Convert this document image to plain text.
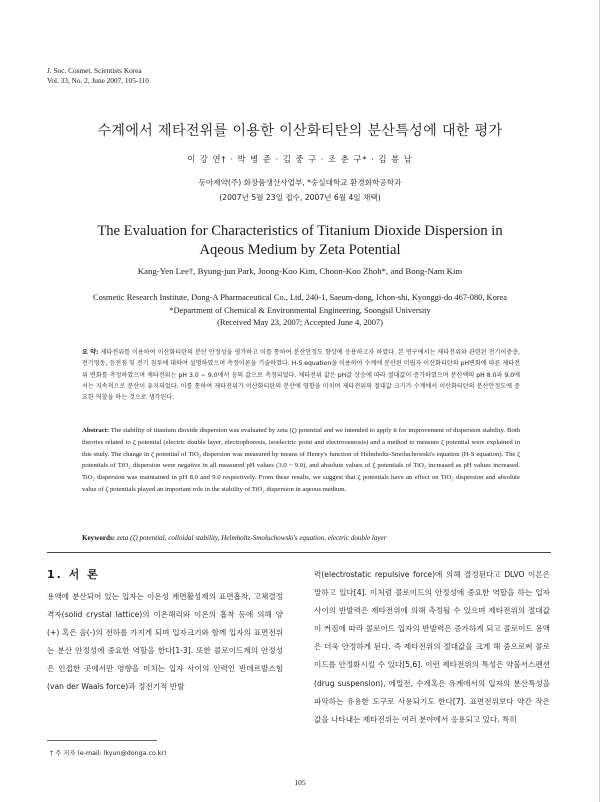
J. Soc. Cosmet. Scientists Korea
Vol. 33, No. 2, June 2007, 105-110
수계에서 제타전위를 이용한 이산화티탄의 분산특성에 대한 평가
이 강 연† · 박 병 준 · 김 중 구 · 조 춘 구* · 김 봉 남
동아제약(주) 화장품생산사업부, *숭실대학교 환경화학공학과
(2007년 5월 23일 접수, 2007년 6월 4일 채택)
The Evaluation for Characteristics of Titanium Dioxide Dispersion in
Aqeous Medium by Zeta Potential
Kang-Yen Lee†, Byung-jun Park, Joong-Koo Kim, Choon-Koo Zhoh*, and Bong-Nam Kim
Cosmetic Research Institute, Dong-A Pharmaceutical Co., Ltd, 240-1, Saeum-dong, Ichon-shi, Kyonggi-do 467-080, Korea
*Department of Chemical & Environmental Engineering, Soongsil University
(Received May 23, 2007; Accepted June 4, 2007)

요 약: 제타전위를 이용하여 이산화티탄의 분산 안정성을 평가하고 이를 통하여 분산안정도 향상에 응용하고자 하였다. 본 연구에서는 제타전위와 관련된 전기이중층, 전기영동, 등전점 및 전기 침투에 대하여 설명하였으며 측정이론을 기술하였다. H-S equation을 이용하여 수계에 분산된 미립자 이산화티탄의 pH변화에 따른 제타전위 변화를 측정하였으며 제타전위는 pH 3.0 ~ 9.0에서 음의 값으로 측정되었다. 제타전위 값은 pH값 상승에 따라 절대값이 증가하였으며 분산액의 pH 8.0과 9.0에서는 지속적으로 분산이 유지되었다. 이를 통하여 제타전위가 이산화티탄의 분산에 영향을 미치며 제타전위의 절대값 크기가 수계에서 이산화티탄의 분산안정도에 중요한 역할을 하는 것으로 생각된다.

Abstract: The stability of titanium dioxide dispersion was evaluated by zeta (ζ) potential and we intended to apply it for improvement of dispersion stability. Both theories related to ζ potential (electric double layer, electrophoresis, isoelectric point and electroosmosis) and a method to measure ζ potential were explained in this study. The change in ζ potential of TiO₂ dispersion was measured by means of Henry's function of Helmholtz-Smoluchowski's equation (H-S equation). The ζ potentials of TiO₂ dispersion were negative in all measured pH values (3.0 ~ 9.0), and absolute values of ζ potentials of TiO₂ increased as pH values increased. TiO₂ dispersion was maintained in pH 8.0 and 9.0 respectively. From these results, we suggest that ζ potentials have an effect on TiO₂ dispersion and absolute value of ζ potentials played an important role in the stability of TiO₂ dispersion in aqeous medium.

Keywords: zeta (ζ) potential, colloidal stability, Helmholtz-Smoluchowski's equation, electric double layer
1. 서 론

용액에 분산되어 있는 입자는 이온성 계면활성제의 표면흡착, 고체결정격자(solid crystal lattice)의 이온해리와 이온의 흡착 등에 의해 양(+) 혹은 음(-)의 전하를 가지게 되며 입자크기와 함께 입자의 표면전위는 분산 안정성에 중요한 역할을 한다[1-3]. 또한 콜로이드계의 안정성은 인접한 곳에서만 영향을 미치는 입자 사이의 인력인 반데르발스힘(van der Waals force)과 정전기적 반발

력(electrostatic repulsive force)에 의해 결정된다고 DLVO 이론은 말하고 있다[4]. 이처럼 콜로이드의 안정성에 중요한 역할을 하는 입자 사이의 반발력은 제타전위에 의해 측정될 수 있으며 제타전위의 절대값이 커짐에 따라 콜로이드 입자의 반발력은 증가하게 되고 콜로이드 용액은 더욱 안정하게 된다. 즉 제타전위의 절대값을 크게 해 줌으로써 콜로이드를 안정화시킬 수 있다[5,6]. 이런 제타전위의 특성은 약물서스펜션(drug suspension), 에멀전, 수계혹은 유계에서의 입자의 분산특성을 파악하는 유용한 도구로 사용되기도 한다[7]. 표면전위보다 약간 작은 값을 나타내는 제타전위는 여러 분야에서 응용되고 있다. 특히

† 주 저자 (e-mail: lkyun@donga.co.kr)
105
